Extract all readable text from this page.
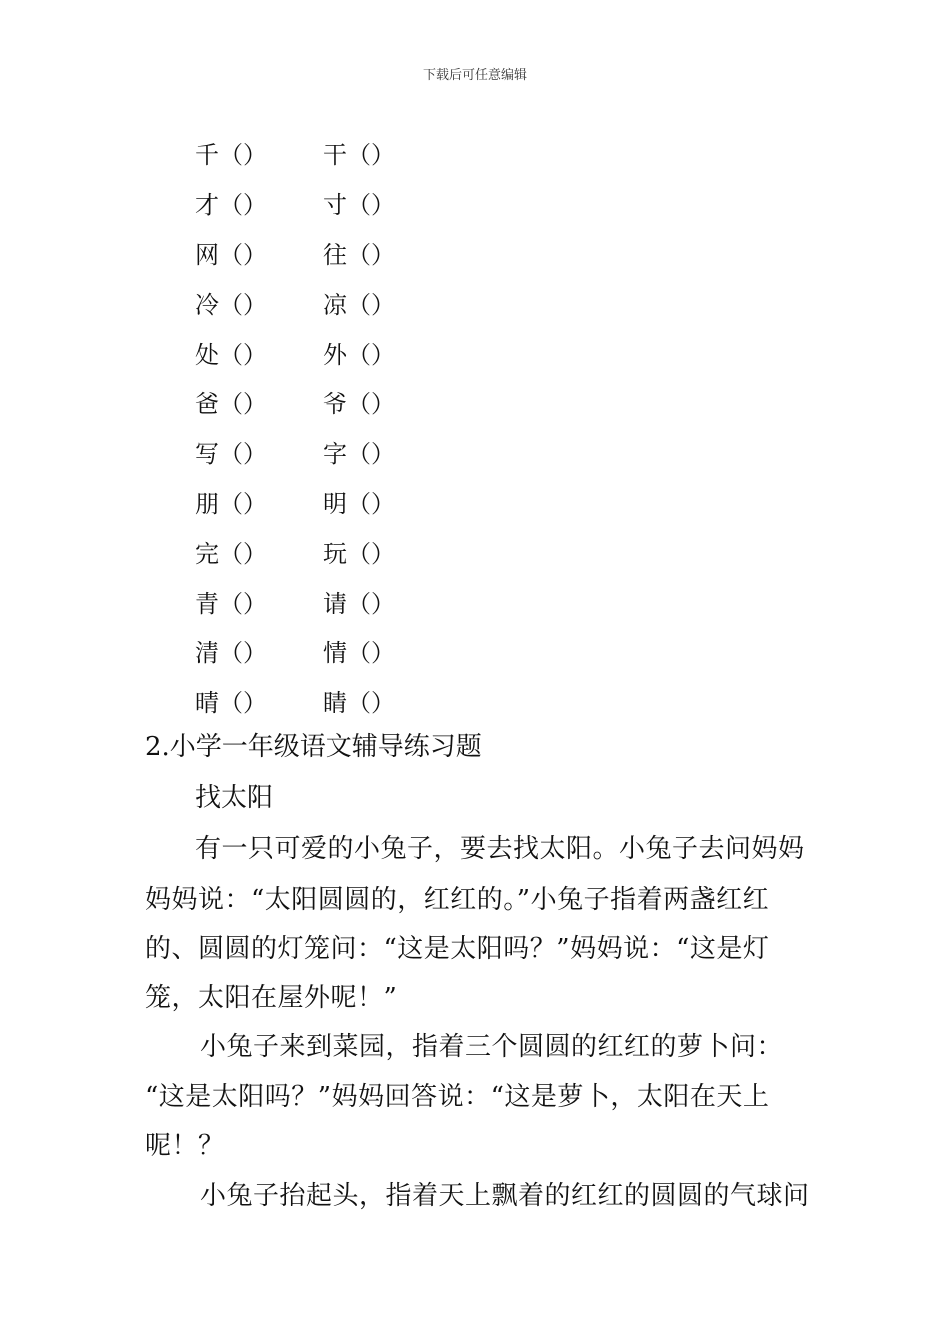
下载后可任意编辑
千（）	干（）
才（）	寸（）
网（）	往（）
冷（）	凉（）
处（）	外（）
爸（）	爷（）
写（）	字（）
朋（）	明（）
完（）	玩（）
青（）	请（）
清（）	情（）
晴（）	睛（）
2.小学一年级语文辅导练习题
找太阳
有一只可爱的小兔子，要去找太阳。小兔子去问妈妈
妈妈说：“太阳圆圆的，红红的。”小兔子指着两盏红红
的、圆圆的灯笼问：“这是太阳吗？”妈妈说：“这是灯
笼，太阳在屋外呢！”
小兔子来到菜园，指着三个圆圆的红红的萝卜问：
“这是太阳吗？”妈妈回答说：“这是萝卜，太阳在天上
呢！？
小兔子抬起头，指着天上飘着的红红的圆圆的气球问
